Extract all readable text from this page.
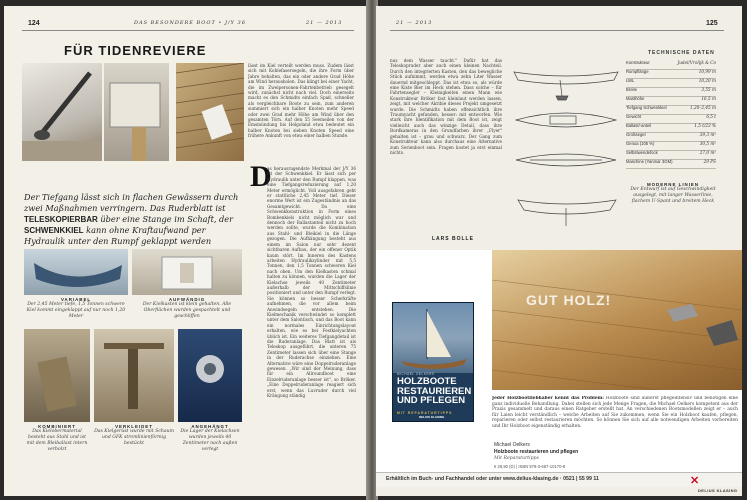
124	DAS BESONDERE BOOT • J/Y 36	21 — 2013
FÜR TIDENREVIERE
lässt im Kiel verteilt werden muss. Zudem lässt sich mit Kohlefasersegeln, die ihre Form über Jahre behalten, das ein oder andere Grad Höhe am Wind herausholen. Das klingt bei einer Yacht, die im Zweipersonen-Fahrtenbetrieb gesegelt wird, zunächst nicht nach viel. Doch einerseits macht es den Schmidts einfach Spaß, schneller als vergleichbare Boote zu sein, zum anderen summiert sich ein halber Knoten mehr Speed oder zwei Grad mehr Höhe am Wind über den gesamten Törn. Auf den 55 Seemeilen von der Emsmündung bis Helgoland etwa bedeutet ein halber Knoten bei sieben Knoten Speed eine frühere Ankunft von etwa einer halben Stunde.
Der Tiefgang lässt sich in flachen Gewässern durch zwei Maßnahmen verringern. Das Ruderblatt ist TELESKOPIERBAR über eine Stange im Schaft, der SCHWENKKIEL kann ohne Kraftaufwand per Hydraulik unter den Rumpf geklappt werden
D
as herausragendste Merkmal der J/Y 36 ist der Schwenkkiel. Er lässt sich per Hydraulik unter den Rumpf klappen, was eine Tiefgangsreduzierung auf 1,20 Meter ermöglicht. Voll ausgefahren geht er stattliche 2,45 Meter tief. Dieser enorme Wert ist ein Zugeständnis an das Gesamtgewicht. Da eine Schwenkkonstruktion in Form eines Bombenkiels nicht möglich war und dennoch der Ballastanteil nicht zu hoch werden sollte, wurde die Kombination aus Stahl- und Bleikiel in die Länge gezogen. Die Aufhängung besteht aus einem im Salon nur sehr dezent sichtbaren Aufbau, der ein offener Optik kaum stört. Im Inneren des Kastens arbeiten Hydraulikzylinder mit 5,5 Tonnen, den 1,5 Tonnen schweren Kiel nach oben. Um den Kielkasten schmal halten zu können, wurden die Lager der Kielachse jeweils 40 Zentimeter außerhalb der Mittschiffslinie positioniert und unter den Rumpf verlegt. Sie können so besser Scherkräfte aufnehmen, die vor allem beim Anwindsegeln entstehen. Die Kielmechanik verschwindet so komplett unter dem Salontisch, und das Boot kann ein normales Einrichtungslayout erhalten, wie es bei Festkielyachten üblich ist. Ein weiteres Tiefgangdetail ist die Ruderanlage. Das Blatt ist als Teleskop ausgeführt, die unteren 75 Zentimeter lassen sich über eine Stange in der Ruderachse einziehen. Eine Alternative wäre eine Doppelruderanlage gewesen. „Wir sind der Meinung, dass für ein Allroundboot eine Einzelruderanlage besser ist", so Bröker. „Eine Doppelruderanlage reagiert sich erst, wenn das Luvruder durch viel Krängung ständig
VARIABEL
Der 2,45 Meter tiefe, 1,5 Tonnen schwere Kiel kommt eingeklappt auf nur noch 1,20 Meter
AUFWÄNDIG
Der Kielkasten ist klein gehalten. Alle Oberflächen wurden gespachtelt und geschliffen
KOMBINIERT
Das Kielobermaterial besteht aus Stahl und ist mit dem Bleiballast intern verbolzt
VERKLEIDET
Das Kielgerüst wurde mit Schaum und GFK stromlinienförmig bestückt
ANGEHÄNGT
Die Lager der Kielachsen wurden jeweils 40 Zentimeter nach außen verlegt
21 — 2013	125
nus dem Wasser taucht." Dafür hat das Teleskopruder aber auch einen kleinen Nachteil. Durch den integrierten Kasten, den das bewegliche Stück aufnimmt, werden etwa zehn Liter Wasser dauernd mitgeschleppt. Das ist etwa so, als würde eine Kiste Bier im Heck stehen. Dass solche – für Fahrtensegler – Kleinigkeiten einen Mann wie Konstrukteur Bröker fast kleinlaut werden lassen, zeigt, mit welcher Akribie dieses Projekt umgesetzt wurde. Die Schmidts haben offensichtlich ihre Traumyacht gefunden, besser: mit entworfen. Wie stark ihre Identifikation mit dem Boot ist, zeigt vielleicht auch das winzige Detail, dass ihre Bordkameras in den Grundfarben ihrer „Flyer" gehalten ist – grau und schwarz. Der Gang zum Konstrukteur kann also durchaus eine Alternative zum Serienboot sein. Fragen kostet ja erst einmal nichts.
LARS BOLLE
TECHNISCHE DATEN
Konstrukteur	Judel/Vrolijk & Co
Rumpflänge	10,99 m
LWL	10,20 m
Breite	3,55 m
Masthöhe	16,5 m
Tiefgang Schwenkkiel	1,20–2,45 m
Gewicht	6,5 t
Ballast/-anteil	1,5 t/23 %
Großsegel	39,3 m²
Genua (105 %)	30,5 m²
Selbstwendefock	27,0 m²
Maschine (Yanmar 3GM)	29 PS
MODERNE LINIEN
Der Entwurf ist auf Geschwindigkeit ausgelegt, mit langer Wasserlinie, flachem U-Spant und breitem Heck
GUT HOLZ!
MICHAEL OELKERS
HOLZBOOTE RESTAURIEREN UND PFLEGEN
MIT REPARATURTIPPS
DELIUS KLASING
Jeder Holzbootliebhaber kennt das Problem: Holzboote sind äußerst pflegeintensiv und benötigen eine ganz individuelle Behandlung. Dabei stellen sich jede Menge Fragen, die Michael Oelkers kompetent aus der Praxis gesammelt und daraus einen Ratgeber erstellt hat. An verschiedenen Bootsmodellen zeigt er – auch für Laien leicht verständlich – welche Arbeiten auf Sie zukommen, wenn Sie ein Holzboot kaufen, pflegen, reparieren oder selbst restaurieren möchten. So können Sie sich auf alle notwendigen Arbeiten vorbereiten und Ihr Holzboot eigenständig erhalten.
Michael Oelkers
Holzboote restaurieren und pflegen
Mit Reparaturtipps
€ 29,90 (D) | ISBN 978-3-667-10170-9
Erhältlich im Buch- und Fachhandel oder unter www.delius-klasing.de · 0521 | 55 99 11	✕
DELIUS KLASING
